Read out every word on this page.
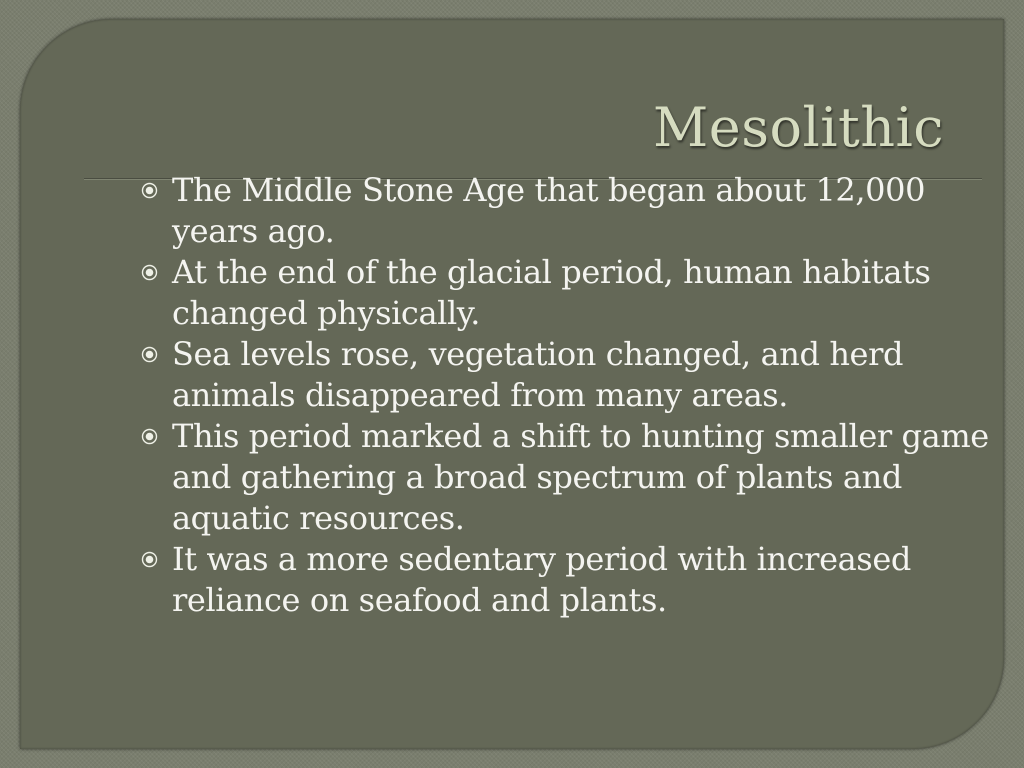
Mesolithic
The Middle Stone Age that began about 12,000 years ago.
At the end of the glacial period, human habitats changed physically.
Sea levels rose, vegetation changed, and herd animals disappeared from many areas.
This period marked a shift to hunting smaller game and gathering a broad spectrum of plants and aquatic resources.
It was a more sedentary period with increased reliance on seafood and plants.
